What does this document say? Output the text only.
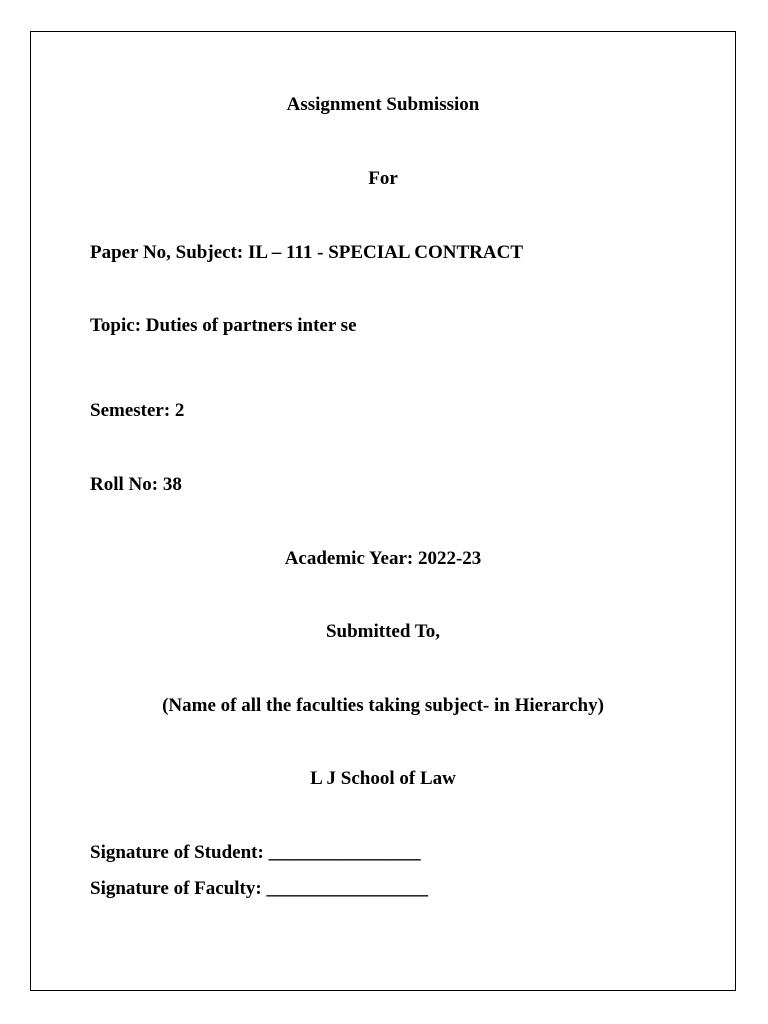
Assignment Submission
For
Paper No, Subject: IL – 111 - SPECIAL CONTRACT
Topic: Duties of partners inter se
Semester: 2
Roll No: 38
Academic Year: 2022-23
Submitted To,
(Name of all the faculties taking subject- in Hierarchy)
L J School of Law
Signature of Student: ________________
Signature of Faculty: _________________
